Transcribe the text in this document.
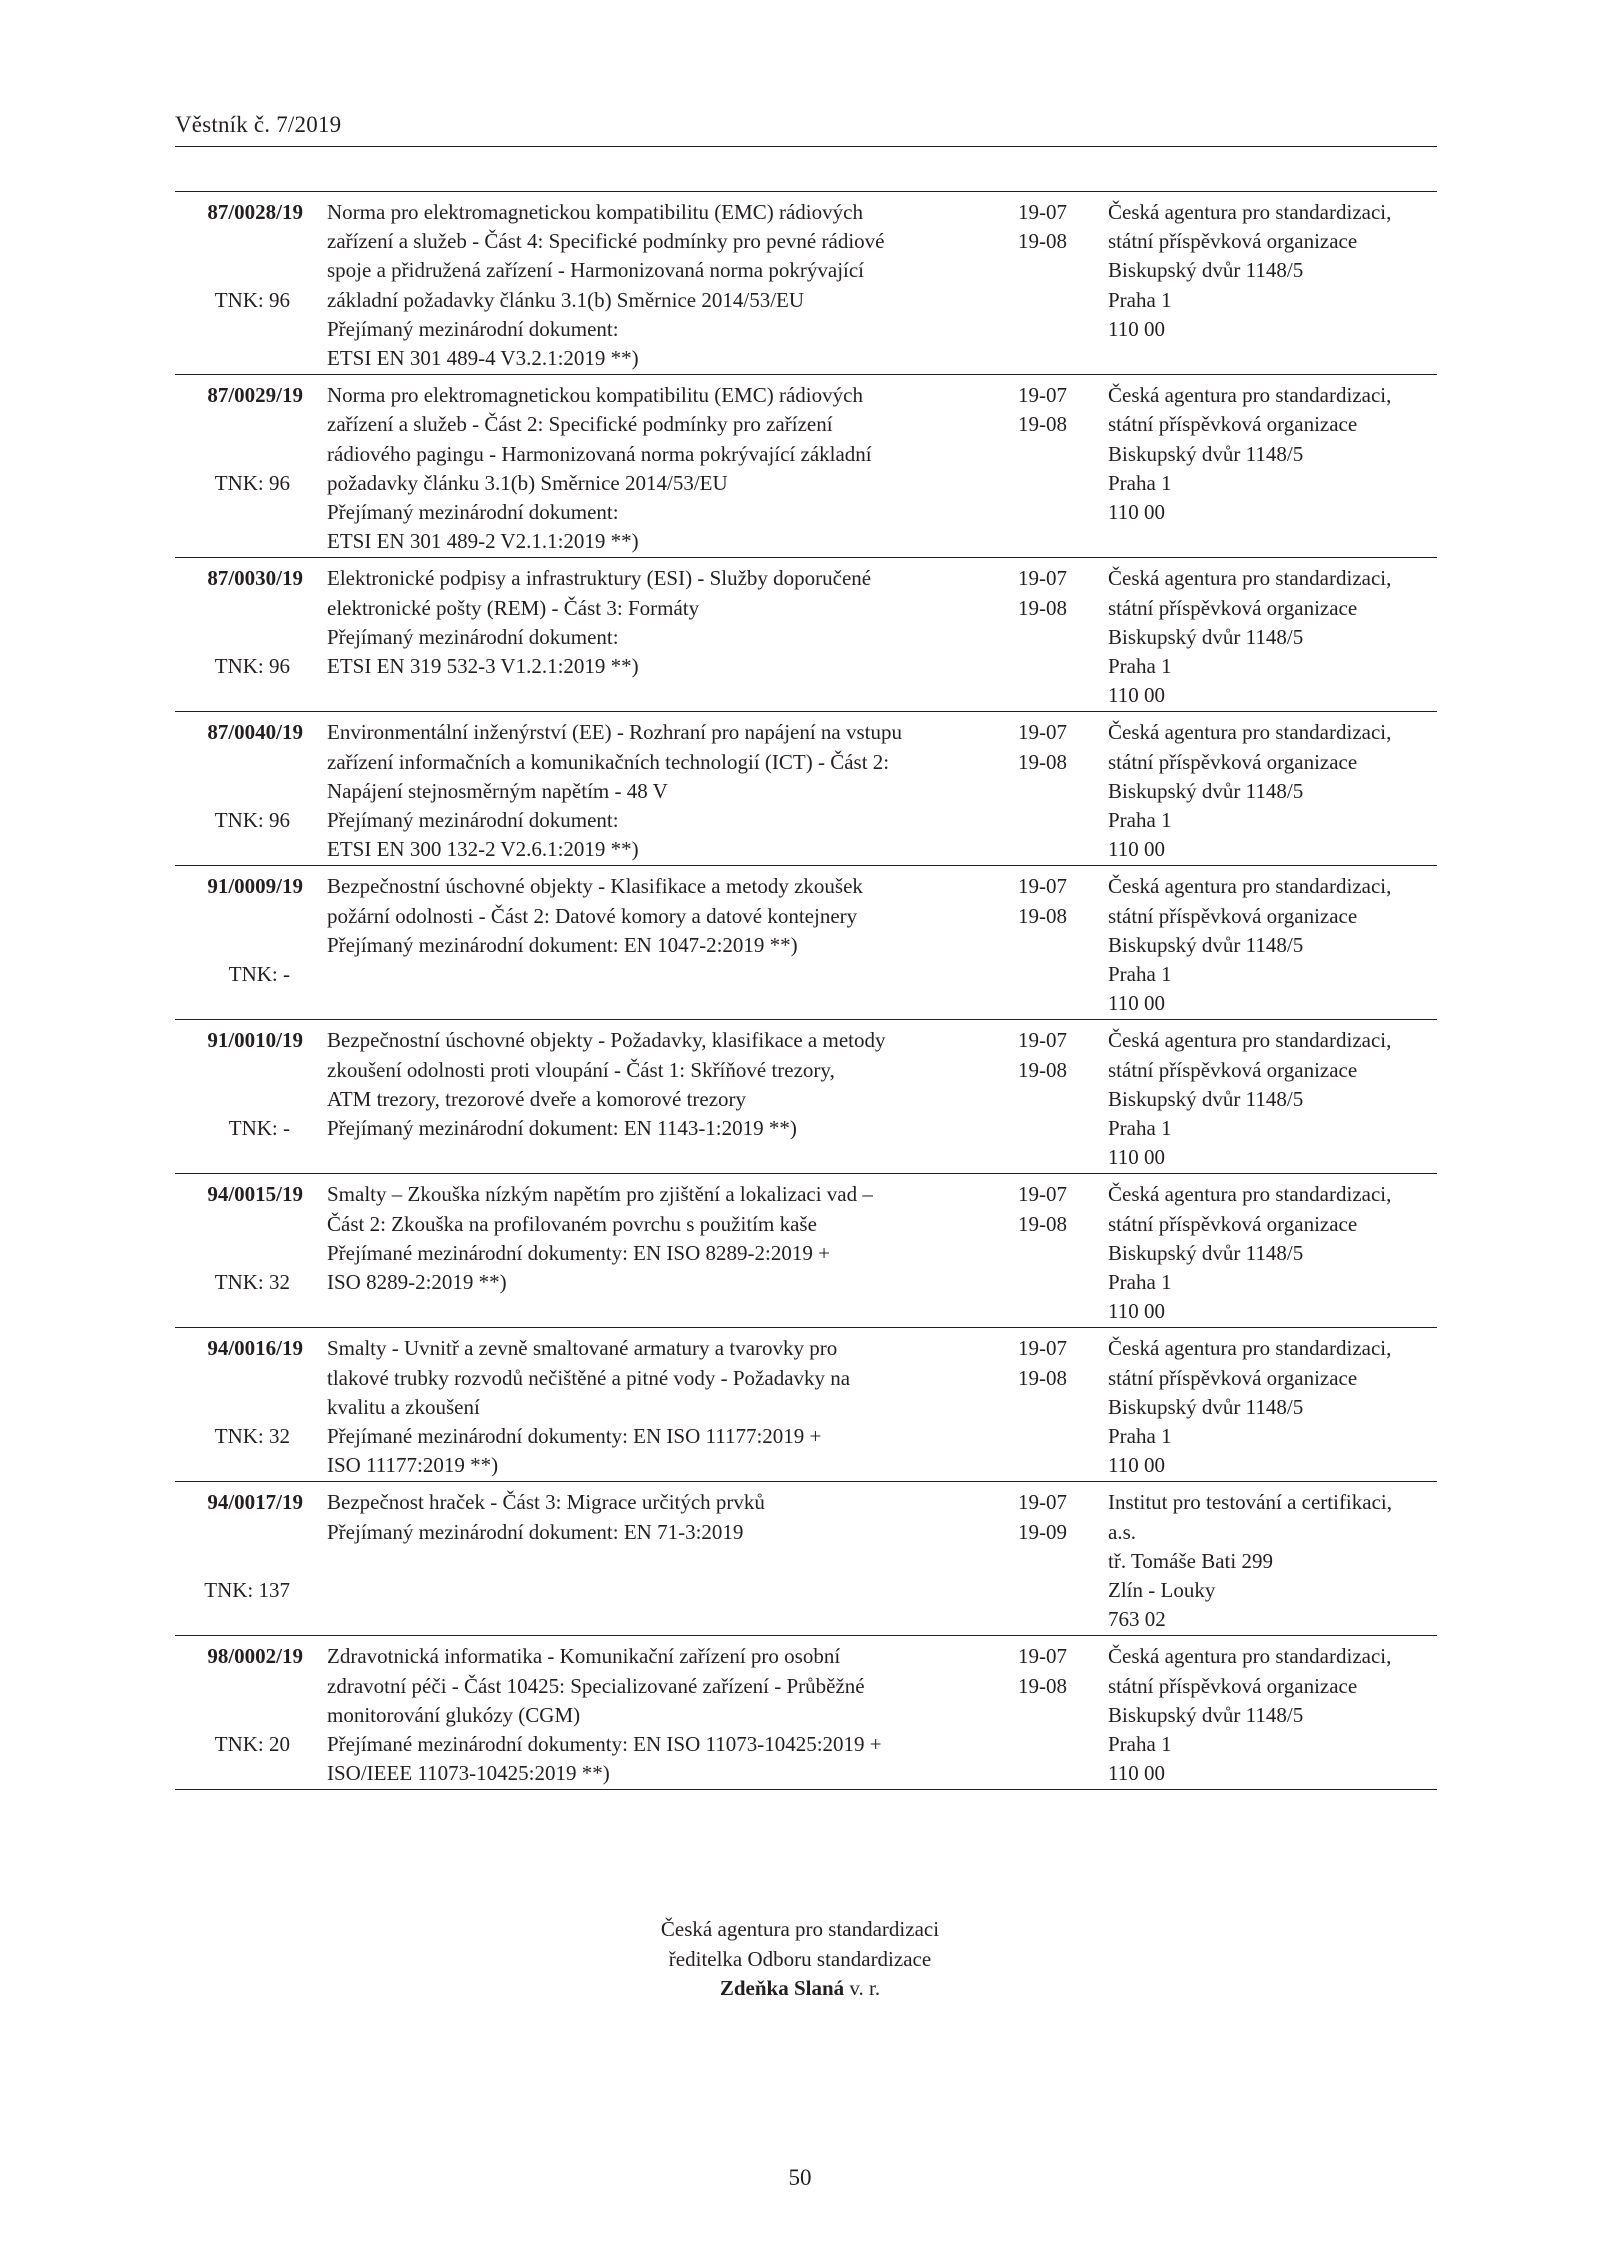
Věstník č. 7/2019
87/0028/19
TNK: 96
Norma pro elektromagnetickou kompatibilitu (EMC) rádiových
zařízení a služeb - Část 4: Specifické podmínky pro pevné rádiové
spoje a přidružená zařízení - Harmonizovaná norma pokrývající
základní požadavky článku 3.1(b) Směrnice 2014/53/EU
Přejímaný mezinárodní dokument:
ETSI EN 301 489-4 V3.2.1:2019 **)
19-07
19-08
Česká agentura pro standardizaci,
státní příspěvková organizace
Biskupský dvůr 1148/5
Praha 1
110 00
87/0029/19
TNK: 96
Norma pro elektromagnetickou kompatibilitu (EMC) rádiových
zařízení a služeb - Část 2: Specifické podmínky pro zařízení
rádiového pagingu - Harmonizovaná norma pokrývající základní
požadavky článku 3.1(b) Směrnice 2014/53/EU
Přejímaný mezinárodní dokument:
ETSI EN 301 489-2 V2.1.1:2019 **)
19-07
19-08
Česká agentura pro standardizaci,
státní příspěvková organizace
Biskupský dvůr 1148/5
Praha 1
110 00
87/0030/19
TNK: 96
Elektronické podpisy a infrastruktury (ESI) - Služby doporučené
elektronické pošty (REM) - Část 3: Formáty
Přejímaný mezinárodní dokument:
ETSI EN 319 532-3 V1.2.1:2019 **)
19-07
19-08
Česká agentura pro standardizaci,
státní příspěvková organizace
Biskupský dvůr 1148/5
Praha 1
110 00
87/0040/19
TNK: 96
Environmentální inženýrství (EE) - Rozhraní pro napájení na vstupu
zařízení informačních a komunikačních technologií (ICT) - Část 2:
Napájení stejnosměrným napětím - 48 V
Přejímaný mezinárodní dokument:
ETSI EN 300 132-2 V2.6.1:2019 **)
19-07
19-08
Česká agentura pro standardizaci,
státní příspěvková organizace
Biskupský dvůr 1148/5
Praha 1
110 00
91/0009/19
TNK: -
Bezpečnostní úschovné objekty - Klasifikace a metody zkoušek
požární odolnosti - Část 2: Datové komory a datové kontejnery
Přejímaný mezinárodní dokument: EN 1047-2:2019 **)
19-07
19-08
Česká agentura pro standardizaci,
státní příspěvková organizace
Biskupský dvůr 1148/5
Praha 1
110 00
91/0010/19
TNK: -
Bezpečnostní úschovné objekty - Požadavky, klasifikace a metody
zkoušení odolnosti proti vloupání - Část 1: Skříňové trezory,
ATM trezory, trezorové dveře a komorové trezory
Přejímaný mezinárodní dokument: EN 1143-1:2019 **)
19-07
19-08
Česká agentura pro standardizaci,
státní příspěvková organizace
Biskupský dvůr 1148/5
Praha 1
110 00
94/0015/19
TNK: 32
Smalty – Zkouška nízkým napětím pro zjištění a lokalizaci vad –
Část 2: Zkouška na profilovaném povrchu s použitím kaše
Přejímané mezinárodní dokumenty: EN ISO 8289-2:2019 +
ISO 8289-2:2019 **)
19-07
19-08
Česká agentura pro standardizaci,
státní příspěvková organizace
Biskupský dvůr 1148/5
Praha 1
110 00
94/0016/19
TNK: 32
Smalty - Uvnitř a zevně smaltované armatury a tvarovky pro
tlakové trubky rozvodů nečištěné a pitné vody - Požadavky na
kvalitu a zkoušení
Přejímané mezinárodní dokumenty: EN ISO 11177:2019 +
ISO 11177:2019 **)
19-07
19-08
Česká agentura pro standardizaci,
státní příspěvková organizace
Biskupský dvůr 1148/5
Praha 1
110 00
94/0017/19
TNK: 137
Bezpečnost hraček - Část 3: Migrace určitých prvků
Přejímaný mezinárodní dokument: EN 71-3:2019
19-07
19-09
Institut pro testování a certifikaci,
a.s.
tř. Tomáše Bati 299
Zlín - Louky
763 02
98/0002/19
TNK: 20
Zdravotnická informatika - Komunikační zařízení pro osobní
zdravotní péči - Část 10425: Specializované zařízení - Průběžné
monitorování glukózy (CGM)
Přejímané mezinárodní dokumenty: EN ISO 11073-10425:2019 +
ISO/IEEE 11073-10425:2019 **)
19-07
19-08
Česká agentura pro standardizaci,
státní příspěvková organizace
Biskupský dvůr 1148/5
Praha 1
110 00
Česká agentura pro standardizaci
ředitelka Odboru standardizace
Zdeňka Slaná v. r.
50
